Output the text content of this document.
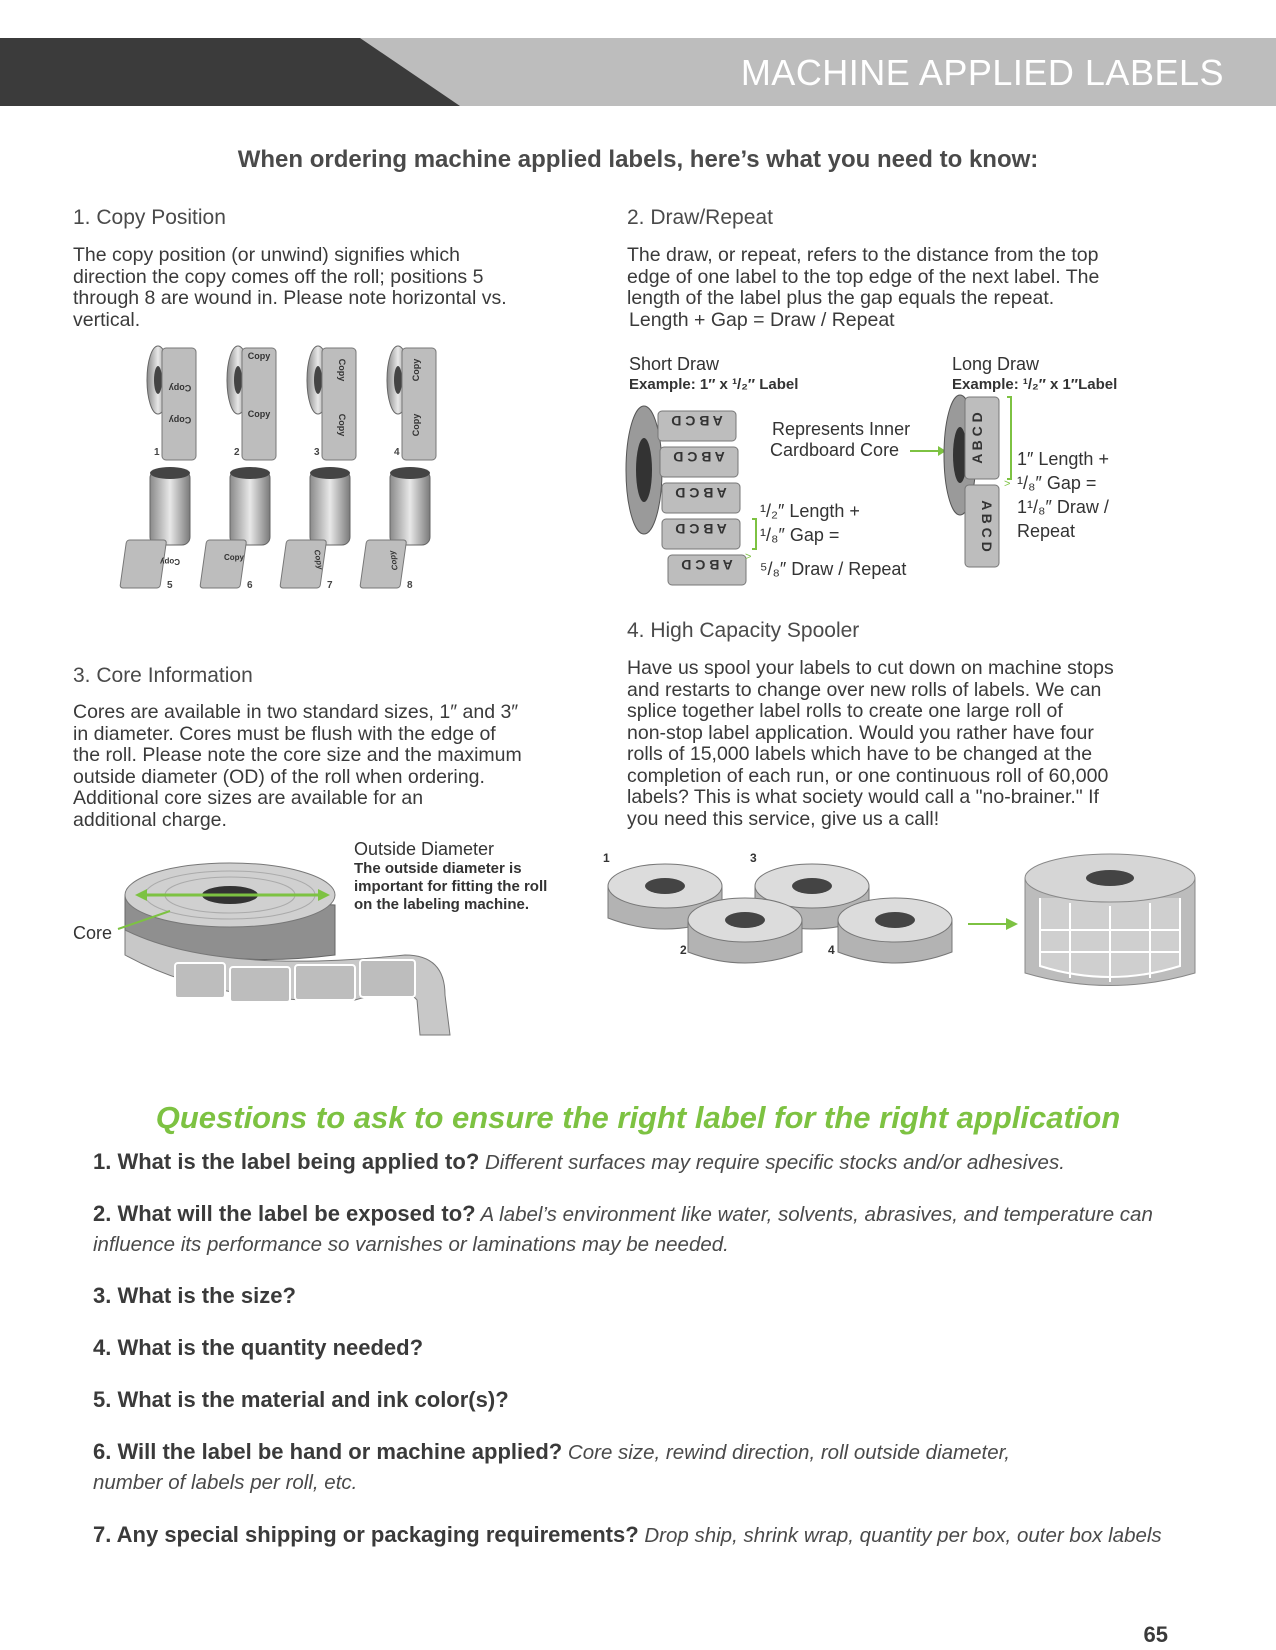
MACHINE APPLIED LABELS
When ordering machine applied labels, here’s what you need to know:
1. Copy Position
The copy position (or unwind) signifies which
direction the copy comes off the roll; positions 5
through 8 are wound in. Please note horizontal vs.
vertical.
Copy
Copy
1
Copy
Copy
2
Copy
Copy
3
Copy
Copy
4
Copy
5
Copy
6
Copy
7
Copy
8
2. Draw/Repeat
The draw, or repeat, refers to the distance from the top
edge of one label to the top edge of the next label. The
length of the label plus the gap equals the repeat.
Length + Gap = Draw / Repeat
Short Draw
Example: 1″ x ¹/₂″ Label
Long Draw
Example: ¹/₂″ x 1″Label
A B C D
A B C D
A B C D
A B C D
A B C D >
⁵/₈″ Draw / Repeat
¹/₂″ Length +
¹/₈″ Gap =
Represents Inner
Cardboard Core	A B C D
A B C D
>
1″ Length +
¹/₈″ Gap =
1¹/₈″ Draw /
Repeat
3. Core Information
Cores are available in two standard sizes, 1″ and 3″
in diameter. Cores must be flush with the edge of
the roll. Please note the core size and the maximum
outside diameter (OD) of the roll when ordering.
Additional core sizes are available for an
additional charge.
Core
Outside Diameter
The outside diameter is
important for fitting the roll
on the labeling machine.
4. High Capacity Spooler
Have us spool your labels to cut down on machine stops
and restarts to change over new rolls of labels. We can
splice together label rolls to create one large roll of
non-stop label application. Would you rather have four
rolls of 15,000 labels which have to be changed at the
completion of each run, or one continuous roll of 60,000
labels? This is what society would call a "no-brainer." If
you need this service, give us a call!
1	3
2	4
Questions to ask to ensure the right label for the right application
1. What is the label being applied to? Different surfaces may require specific stocks and/or adhesives.
2. What will the label be exposed to? A label’s environment like water, solvents, abrasives, and temperature can
influence its performance so varnishes or laminations may be needed.
3. What is the size?
4. What is the quantity needed?
5. What is the material and ink color(s)?
6. Will the label be hand or machine applied? Core size, rewind direction, roll outside diameter,
number of labels per roll, etc.
7. Any special shipping or packaging requirements? Drop ship, shrink wrap, quantity per box, outer box labels
65
